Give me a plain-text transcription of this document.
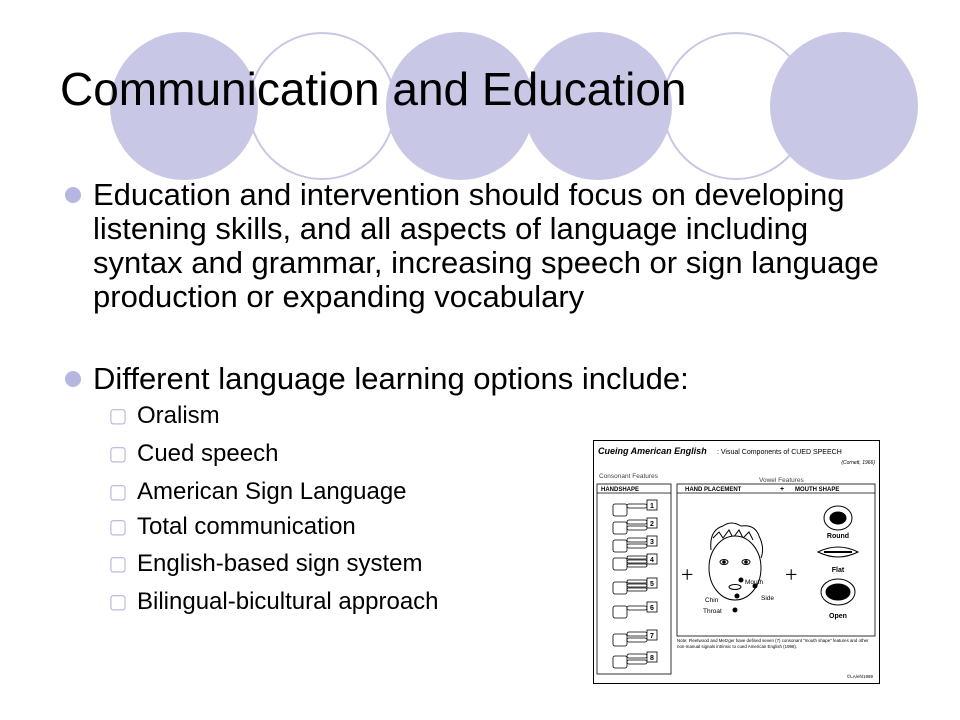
Communication and Education
Education and intervention should focus on developing listening skills, and all aspects of language including syntax and grammar, increasing speech or sign language production or expanding vocabulary
Different language learning options include:
▢ Oralism
▢ Cued speech
▢ American Sign Language
▢ Total communication
▢ English-based sign system
▢ Bilingual-bicultural approach
Cueing American English : Visual Components of CUED SPEECH
(Cornett, 1966)
Consonant Features
Vowel Features
HANDSHAPE	HAND PLACEMENT	+ MOUTH SHAPE
1
2
3
4
5
6
7
8
+	+
Mouth
Side
Chin
Throat
Round
Flat
Open
Note: Fleetwood and Metzger have defined seven (7) consonant "mouth shape" features and other non-manual signals intrinsic to cued American English (1998).
©LA/ehl1989
